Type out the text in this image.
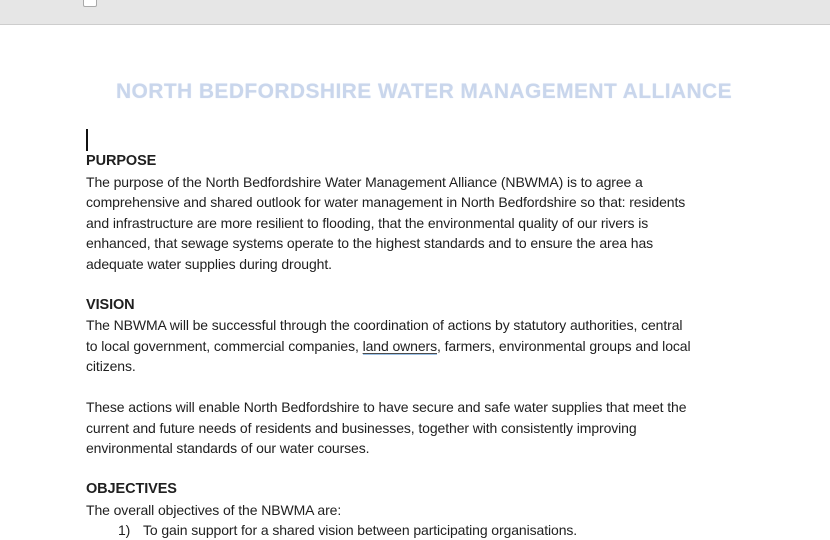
NORTH BEDFORDSHIRE WATER MANAGEMENT ALLIANCE
PURPOSE
The purpose of the North Bedfordshire Water Management Alliance (NBWMA) is to agree a
comprehensive and shared outlook for water management in North Bedfordshire so that: residents
and infrastructure are more resilient to flooding, that the environmental quality of our rivers is
enhanced, that sewage systems operate to the highest standards and to ensure the area has
adequate water supplies during drought.
VISION
The NBWMA will be successful through the coordination of actions by statutory authorities, central
to local government, commercial companies, land owners, farmers, environmental groups and local
citizens.
These actions will enable North Bedfordshire to have secure and safe water supplies that meet the
current and future needs of residents and businesses, together with consistently improving
environmental standards of our water courses.
OBJECTIVES
The overall objectives of the NBWMA are:
1) To gain support for a shared vision between participating organisations.
